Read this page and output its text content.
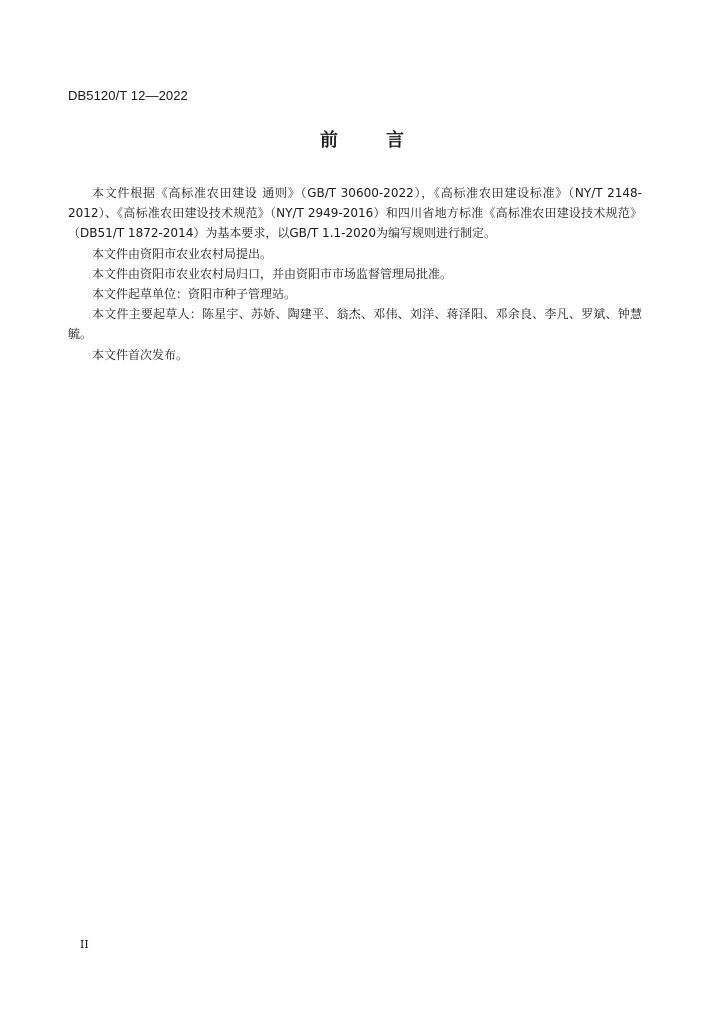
DB5120/T 12—2022
前言

本文件根据《高标准农田建设 通则》（GB/T 30600-2022），《高标准农田建设标准》（NY/T 2148-2012）、《高标准农田建设技术规范》（NY/T 2949-2016）和四川省地方标准《高标准农田建设技术规范》（DB51/T 1872-2014）为基本要求，以GB/T 1.1-2020为编写规则进行制定。

本文件由资阳市农业农村局提出。

本文件由资阳市农业农村局归口，并由资阳市市场监督管理局批准。

本文件起草单位：资阳市种子管理站。

本文件主要起草人：陈星宇、苏娇、陶建平、翁杰、邓伟、刘洋、蒋泽阳、邓余良、李凡、罗斌、钟慧毓。

本文件首次发布。

II
